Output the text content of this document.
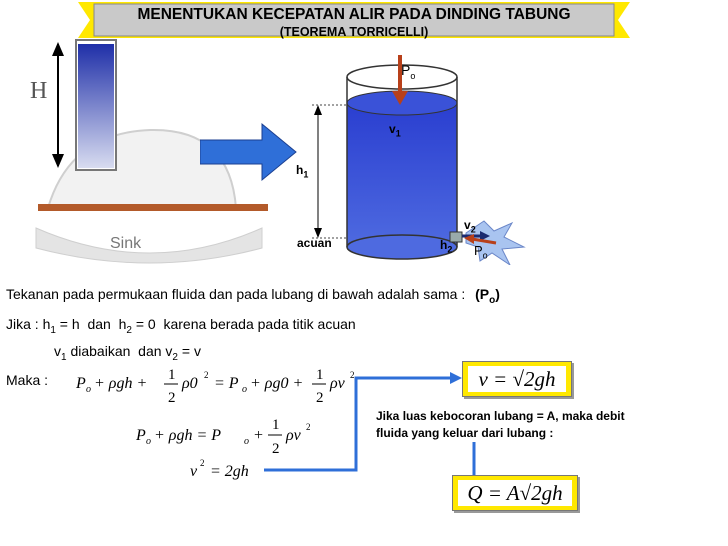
MENENTUKAN KECEPATAN ALIR PADA DINDING TABUNG
(TEOREMA TORRICELLI)
H
Sink
$P_o$
$v_1$
$h_1$
$v_2$
acuan	$h_2$ $P_o$
Tekanan pada permukaan fluida dan pada lubang di bawah adalah sama : $(P_o)$
Jika : $h_1 = h$  dan  $h_2 = 0$  karena berada pada titik acuan
$v_1$ diabaikan  dan $v_2 = v$
Maka : P o + ρgh + 1
2
ρ0 2 = P o + ρg0 + 1
2
ρv 2
P o + ρgh = P o +
1
2
ρv 2
v 2 = 2gh
v = √2gh
Jika luas kebocoran lubang = A, maka debit
fluida yang keluar dari lubang :
Q = A√2gh
